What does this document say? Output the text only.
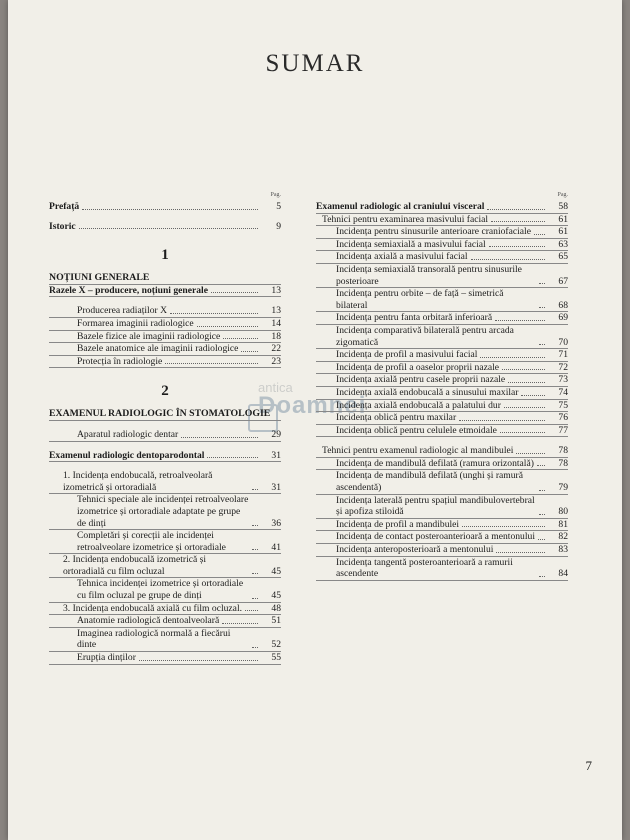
SUMAR
antica
Doamnei
Pag.
Prefață	5
Istoric	9
1
NOȚIUNI GENERALE
Razele X – producere, noțiuni generale	13
Producerea radiaților X	13
Formarea imaginii radiologice	14
Bazele fizice ale imaginii radiologice	18
Bazele anatomice ale imaginii radiologice	22
Protecția în radiologie	23
2
EXAMENUL RADIOLOGIC ÎN STOMATOLOGIE
Aparatul radiologic dentar	29
Examenul radiologic dentoparodontal	31
1. Incidența endobucală, retroalveolară izometrică și ortoradială	31
Tehnici speciale ale incidenței retroalveolare izometrice și ortoradiale adaptate pe grupe de dinți	36
Completări și corecții ale incidenței retroalveolare izometrice și ortoradiale	41
2. Incidența endobucală izometrică și ortoradială cu film ocluzal	45
Tehnica incidenței izometrice și ortoradiale cu film ocluzal pe grupe de dinți	45
3. Incidența endobucală axială cu film ocluzal.	48
Anatomie radiologică dentoalveolară	51
Imaginea radiologică normală a fiecărui dinte	52
Erupția dinților	55
Pag.
Examenul radiologic al craniului visceral	58
Tehnici pentru examinarea masivului facial	61
Incidența pentru sinusurile anterioare craniofaciale	61
Incidența semiaxială a masivului facial	63
Incidența axială a masivului facial	65
Incidența semiaxială transorală pentru sinusurile posterioare	67
Incidența pentru orbite – de față – simetrică bilateral	68
Incidența pentru fanta orbitară inferioară	69
Incidența comparativă bilaterală pentru arcada zigomatică	70
Incidența de profil a masivului facial	71
Incidența de profil a oaselor proprii nazale	72
Incidența axială pentru casele proprii nazale	73
Incidența axială endobucală a sinusului maxilar	74
Incidența axială endobucală a palatului dur	75
Incidența oblică pentru maxilar	76
Incidența oblică pentru celulele etmoidale	77
Tehnici pentru examenul radiologic al mandibulei	78
Incidența de mandibulă defilată (ramura orizontală)	78
Incidența de mandibulă defilată (unghi și ramură ascendentă)	79
Incidența laterală pentru spațiul mandibulovertebral și apofiza stiloidă	80
Incidența de profil a mandibulei	81
Incidența de contact posteroanterioară a mentonului	82
Incidența anteroposterioară a mentonului	83
Incidența tangentă posteroanterioară a ramurii ascendente	84
7
